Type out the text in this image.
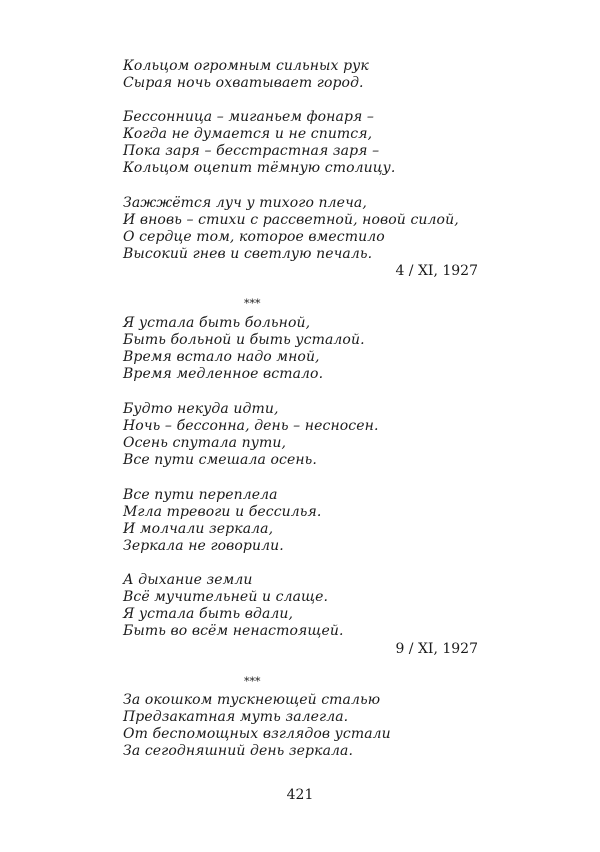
Кольцом огромным сильных рук
Сырая ночь охватывает город.
Бессонница – миганьем фонаря –
Когда не думается и не спится,
Пока заря – бесстрастная заря –
Кольцом оцепит тёмную столицу.
Зажжётся луч у тихого плеча,
И вновь – стихи с рассветной, новой силой,
О сердце том, которое вместило
Высокий гнев и светлую печаль.
4 / XI, 1927
***
Я устала быть больной,
Быть больной и быть усталой.
Время встало надо мной,
Время медленное встало.
Будто некуда идти,
Ночь – бессонна, день – несносен.
Осень спутала пути,
Все пути смешала осень.
Все пути переплела
Мгла тревоги и бессилья.
И молчали зеркала,
Зеркала не говорили.
А дыхание земли
Всё мучительней и слаще.
Я устала быть вдали,
Быть во всём ненастоящей.
9 / XI, 1927
***
За окошком тускнеющей сталью
Предзакатная муть залегла.
От беспомощных взглядов устали
За сегодняшний день зеркала.
421
